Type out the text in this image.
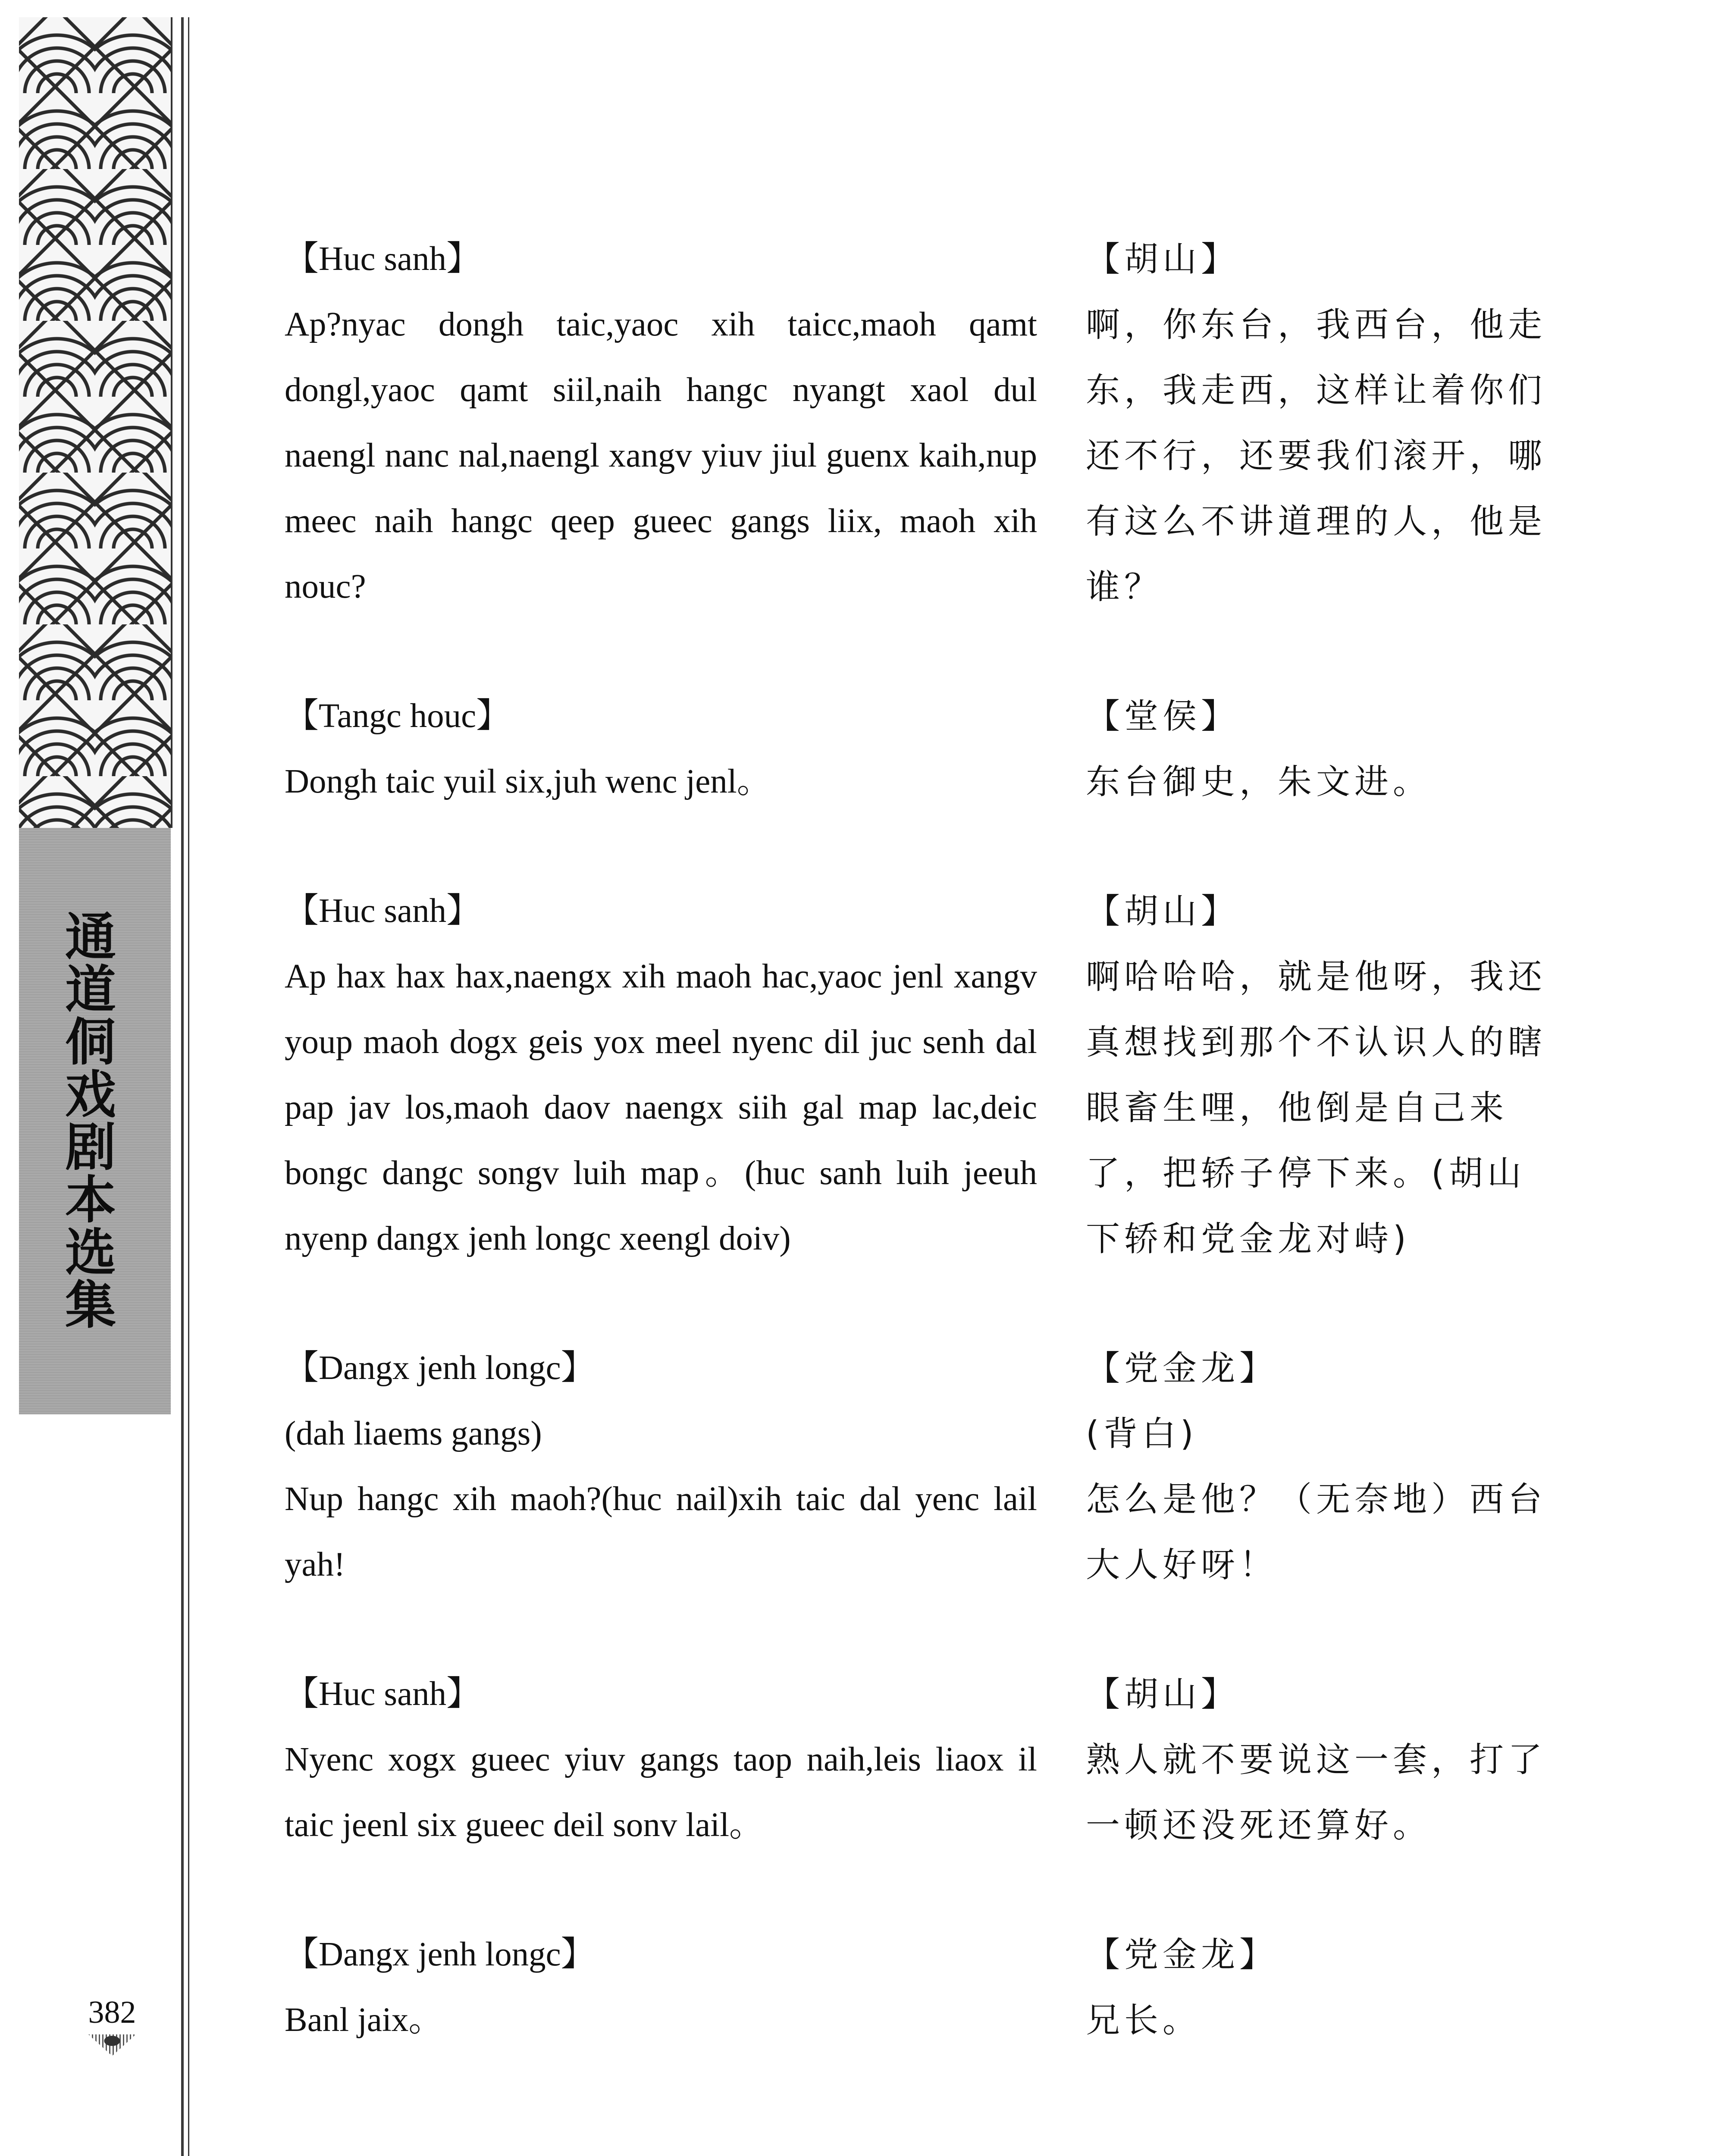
通道侗戏剧本选集
382

【Huc sanh】

Ap?nyac dongh taic,yaoc xih taicc,maoh qamt dongl,yaoc qamt siil,naih hangc nyangt xaol dul naengl nanc nal,naengl xangv yiuv jiul guenx kaih,nup meec naih hangc qeep gueec gangs liix, maoh xih nouc?

【胡山】

啊，你东台，我西台，他走东，我走西，这样让着你们还不行，还要我们滚开，哪有这么不讲道理的人，他是谁？

【Tangc houc】

Dongh taic yuil six,juh wenc jenl。

【堂侯】

东台御史，朱文进。

【Huc sanh】

Ap hax hax hax,naengx xih maoh hac,yaoc jenl xangv youp maoh dogx geis yox meel nyenc dil juc senh dal pap jav los,maoh daov naengx siih gal map lac,deic bongc dangc songv luih map。(huc sanh luih jeeuh nyenp dangx jenh longc xeengl doiv)

【胡山】

啊哈哈哈，就是他呀，我还真想找到那个不认识人的瞎眼畜生哩，他倒是自己来了，把轿子停下来。(胡山下轿和党金龙对峙)

【Dangx jenh longc】

(dah liaems gangs)

Nup hangc xih maoh?(huc nail)xih taic dal yenc lail yah!

【党金龙】

(背白)

怎么是他？（无奈地）西台大人好呀！

【Huc sanh】

Nyenc xogx gueec yiuv gangs taop naih,leis liaox il taic jeenl six gueec deil sonv lail。

【胡山】

熟人就不要说这一套，打了一顿还没死还算好。

【Dangx jenh longc】

Banl jaix。

【党金龙】

兄长。
